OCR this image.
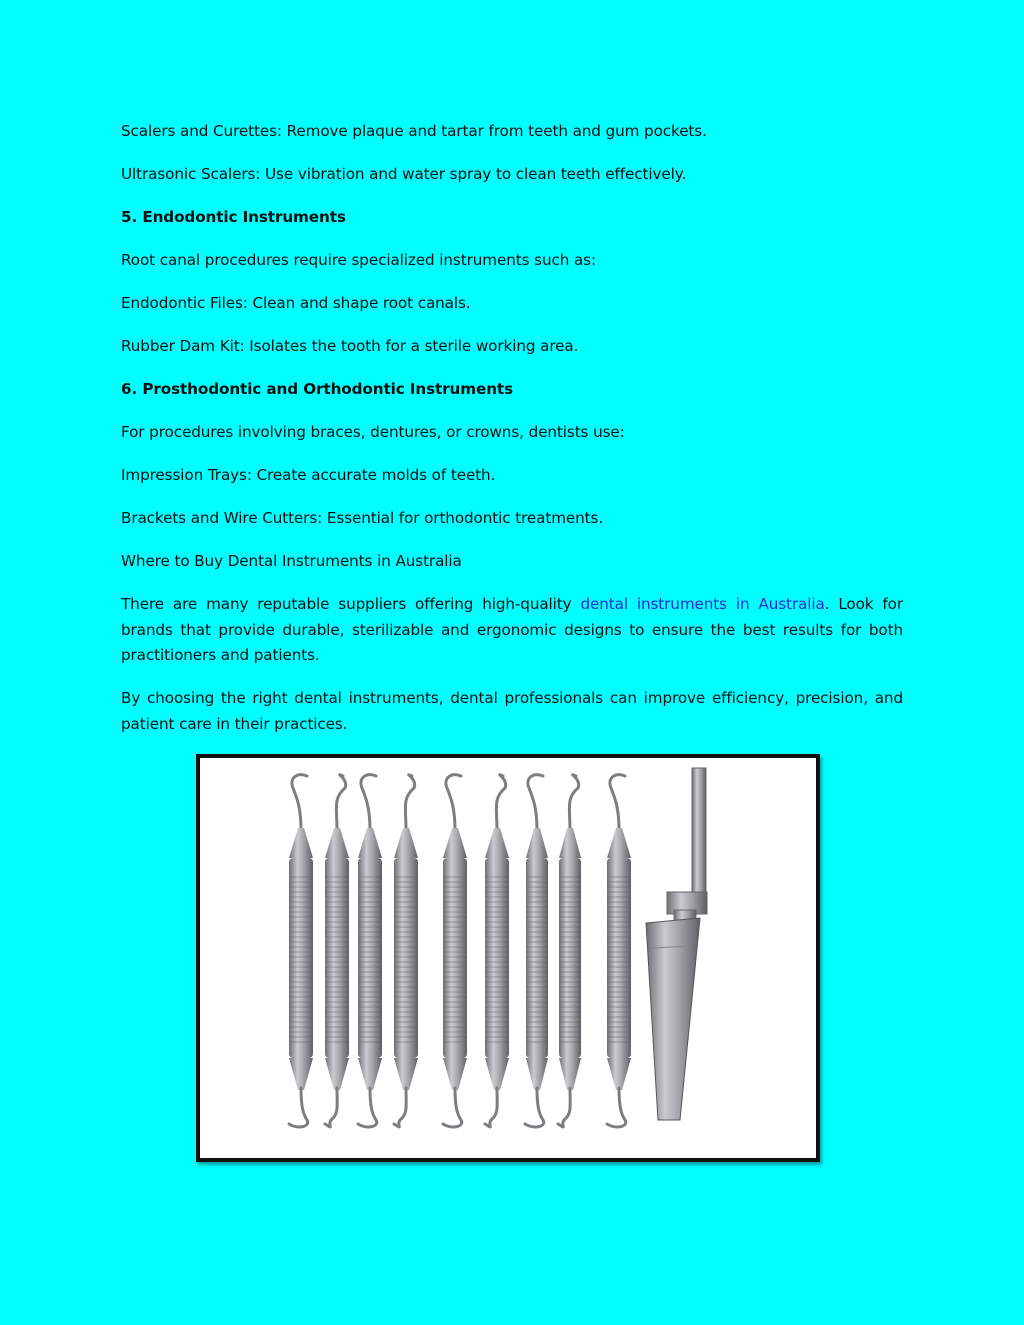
Scalers and Curettes: Remove plaque and tartar from teeth and gum pockets.

Ultrasonic Scalers: Use vibration and water spray to clean teeth effectively.

5. Endodontic Instruments

Root canal procedures require specialized instruments such as:

Endodontic Files: Clean and shape root canals.

Rubber Dam Kit: Isolates the tooth for a sterile working area.

6. Prosthodontic and Orthodontic Instruments

For procedures involving braces, dentures, or crowns, dentists use:

Impression Trays: Create accurate molds of teeth.

Brackets and Wire Cutters: Essential for orthodontic treatments.

Where to Buy Dental Instruments in Australia

There are many reputable suppliers offering high-quality dental instruments in Australia. Look for brands that provide durable, sterilizable and ergonomic designs to ensure the best results for both practitioners and patients.

By choosing the right dental instruments, dental professionals can improve efficiency, precision, and patient care in their practices.
